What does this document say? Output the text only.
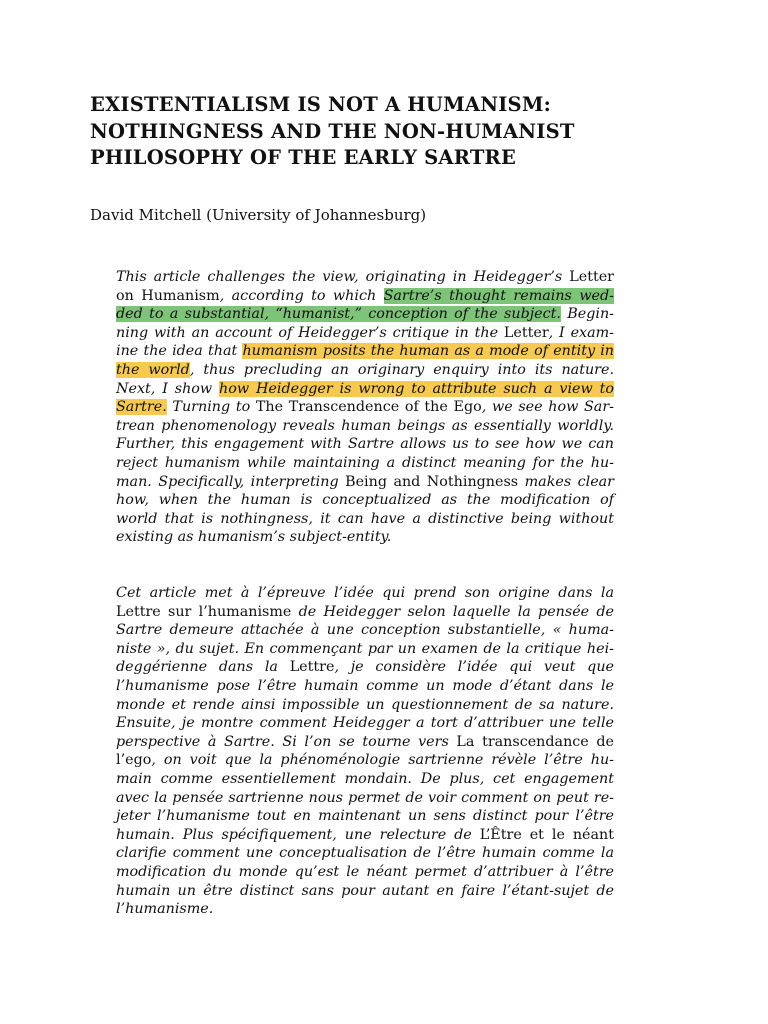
EXISTENTIALISM IS NOT A HUMANISM:
NOTHINGNESS AND THE NON-HUMANIST
PHILOSOPHY OF THE EARLY SARTRE
David Mitchell (University of Johannesburg)
This article challenges the view, originating in Heidegger’s Letter
on Humanism, according to which Sartre’s thought remains wed-
ded to a substantial, “humanist,” conception of the subject. Begin-
ning with an account of Heidegger’s critique in the Letter, I exam-
ine the idea that humanism posits the human as a mode of entity in
the world, thus precluding an originary enquiry into its nature.
Next, I show how Heidegger is wrong to attribute such a view to
Sartre. Turning to The Transcendence of the Ego, we see how Sar-
trean phenomenology reveals human beings as essentially worldly.
Further, this engagement with Sartre allows us to see how we can
reject humanism while maintaining a distinct meaning for the hu-
man. Specifically, interpreting Being and Nothingness makes clear
how, when the human is conceptualized as the modification of
world that is nothingness, it can have a distinctive being without
existing as humanism’s subject-entity.
Cet article met à l’épreuve l’idée qui prend son origine dans la
Lettre sur l’humanisme de Heidegger selon laquelle la pensée de
Sartre demeure attachée à une conception substantielle, « huma-
niste », du sujet. En commençant par un examen de la critique hei-
deggérienne dans la Lettre, je considère l’idée qui veut que
l’humanisme pose l’être humain comme un mode d’étant dans le
monde et rende ainsi impossible un questionnement de sa nature.
Ensuite, je montre comment Heidegger a tort d’attribuer une telle
perspective à Sartre. Si l’on se tourne vers La transcendance de
l’ego, on voit que la phénoménologie sartrienne révèle l’être hu-
main comme essentiellement mondain. De plus, cet engagement
avec la pensée sartrienne nous permet de voir comment on peut re-
jeter l’humanisme tout en maintenant un sens distinct pour l’être
humain. Plus spécifiquement, une relecture de L’Être et le néant
clarifie comment une conceptualisation de l’être humain comme la
modification du monde qu’est le néant permet d’attribuer à l’être
humain un être distinct sans pour autant en faire l’étant-sujet de
l’humanisme.
